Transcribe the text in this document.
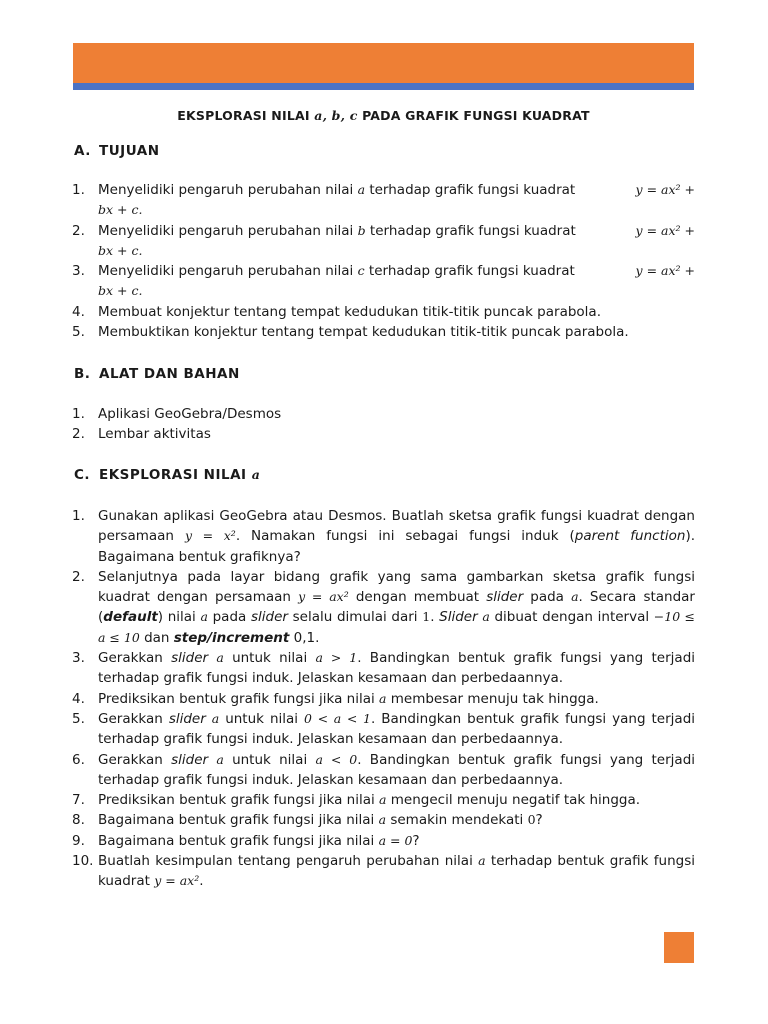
EKSPLORASI NILAI a, b, c PADA GRAFIK FUNGSI KUADRAT
A. TUJUAN
1. Menyelidiki pengaruh perubahan nilai a terhadap grafik fungsi kuadrat	y = ax² +
bx + c.
2. Menyelidiki pengaruh perubahan nilai b terhadap grafik fungsi kuadrat	y = ax² +
bx + c.
3. Menyelidiki pengaruh perubahan nilai c terhadap grafik fungsi kuadrat	y = ax² +
bx + c.
4. Membuat konjektur tentang tempat kedudukan titik-titik puncak parabola.
5. Membuktikan konjektur tentang tempat kedudukan titik-titik puncak parabola.
B. ALAT DAN BAHAN
1. Aplikasi GeoGebra/Desmos
2. Lembar aktivitas
C. EKSPLORASI NILAI a
1. Gunakan aplikasi GeoGebra atau Desmos. Buatlah sketsa grafik fungsi kuadrat dengan persamaan y = x². Namakan fungsi ini sebagai fungsi induk (parent function). Bagaimana bentuk grafiknya?
2. Selanjutnya pada layar bidang grafik yang sama gambarkan sketsa grafik fungsi kuadrat dengan persamaan y = ax² dengan membuat slider pada a. Secara standar (default) nilai a pada slider selalu dimulai dari 1. Slider a dibuat dengan interval −10 ≤ a ≤ 10 dan step/increment 0,1.
3. Gerakkan slider a untuk nilai a > 1. Bandingkan bentuk grafik fungsi yang terjadi terhadap grafik fungsi induk. Jelaskan kesamaan dan perbedaannya.
4. Prediksikan bentuk grafik fungsi jika nilai a membesar menuju tak hingga.
5. Gerakkan slider a untuk nilai 0 < a < 1. Bandingkan bentuk grafik fungsi yang terjadi terhadap grafik fungsi induk. Jelaskan kesamaan dan perbedaannya.
6. Gerakkan slider a untuk nilai a < 0. Bandingkan bentuk grafik fungsi yang terjadi terhadap grafik fungsi induk. Jelaskan kesamaan dan perbedaannya.
7. Prediksikan bentuk grafik fungsi jika nilai a mengecil menuju negatif tak hingga.
8. Bagaimana bentuk grafik fungsi jika nilai a semakin mendekati 0?
9. Bagaimana bentuk grafik fungsi jika nilai a = 0?
10. Buatlah kesimpulan tentang pengaruh perubahan nilai a terhadap bentuk grafik fungsi kuadrat y = ax².
